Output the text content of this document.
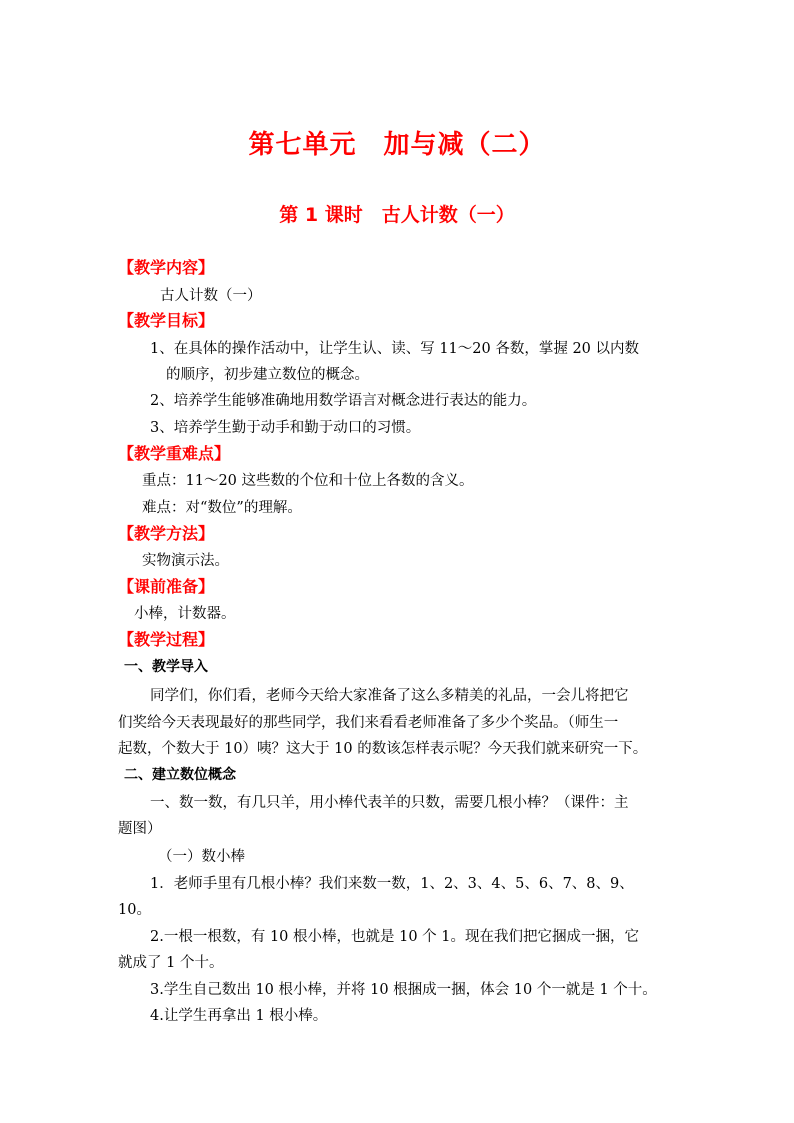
第七单元　加与减（二）
第 1 课时　古人计数（一）
【教学内容】
古人计数（一）
【教学目标】
1、在具体的操作活动中，让学生认、读、写 11～20 各数，掌握 20 以内数
的顺序，初步建立数位的概念。
2、培养学生能够准确地用数学语言对概念进行表达的能力。
3、培养学生勤于动手和勤于动口的习惯。
【教学重难点】
重点：11～20 这些数的个位和十位上各数的含义。
难点：对“数位”的理解。
【教学方法】
实物演示法。
【课前准备】
小棒，计数器。
【教学过程】
一、教学导入
同学们，你们看，老师今天给大家准备了这么多精美的礼品，一会儿将把它
们奖给今天表现最好的那些同学，我们来看看老师准备了多少个奖品。（师生一
起数，个数大于 10）咦？这大于 10 的数该怎样表示呢？今天我们就来研究一下。
二、建立数位概念
一、数一数，有几只羊，用小棒代表羊的只数，需要几根小棒？（课件：主
题图）
（一）数小棒
1．老师手里有几根小棒？我们来数一数，1、2、3、4、5、6、7、8、9、
10。
2.一根一根数，有 10 根小棒，也就是 10 个 1。现在我们把它捆成一捆，它
就成了 1 个十。
3.学生自己数出 10 根小棒，并将 10 根捆成一捆，体会 10 个一就是 1 个十。
4.让学生再拿出 1 根小棒。
